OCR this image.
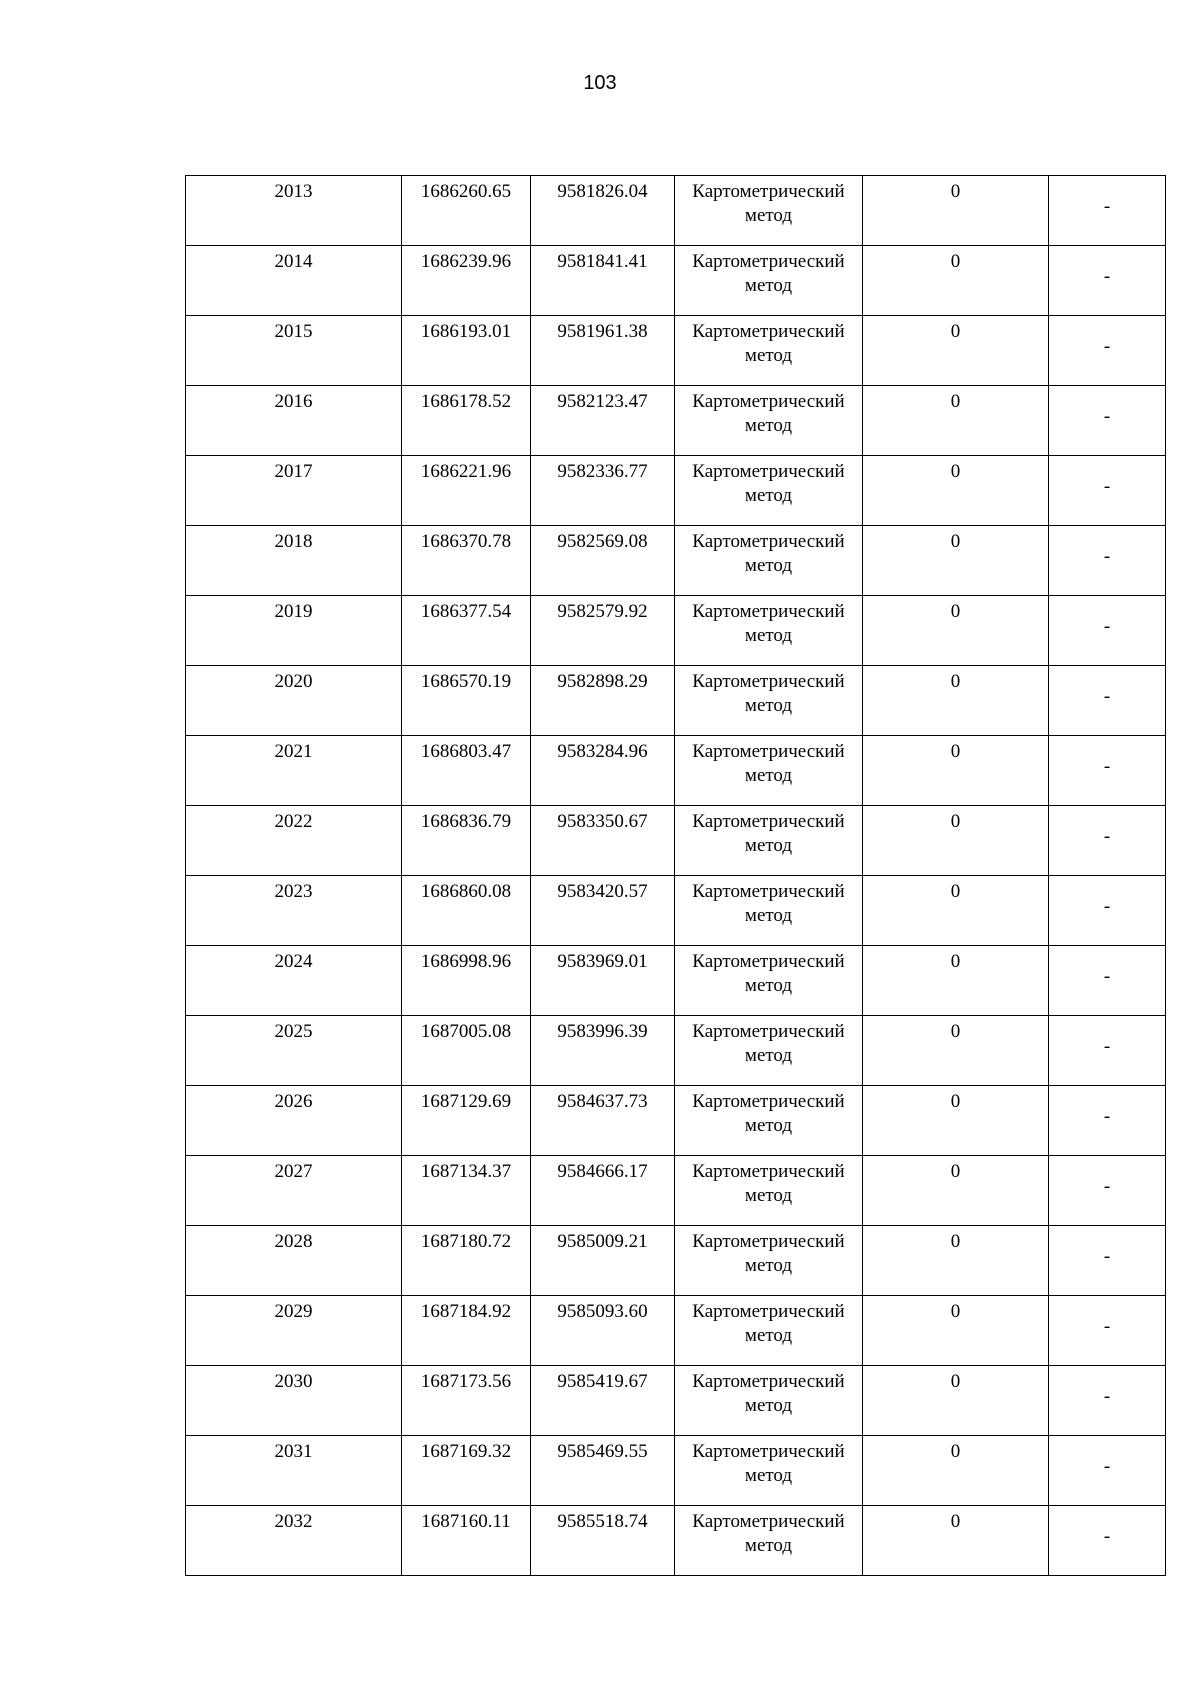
103
2013	1686260.65	9581826.04	Картометрический метод	0	-
2014	1686239.96	9581841.41	Картометрический метод	0	-
2015	1686193.01	9581961.38	Картометрический метод	0	-
2016	1686178.52	9582123.47	Картометрический метод	0	-
2017	1686221.96	9582336.77	Картометрический метод	0	-
2018	1686370.78	9582569.08	Картометрический метод	0	-
2019	1686377.54	9582579.92	Картометрический метод	0	-
2020	1686570.19	9582898.29	Картометрический метод	0	-
2021	1686803.47	9583284.96	Картометрический метод	0	-
2022	1686836.79	9583350.67	Картометрический метод	0	-
2023	1686860.08	9583420.57	Картометрический метод	0	-
2024	1686998.96	9583969.01	Картометрический метод	0	-
2025	1687005.08	9583996.39	Картометрический метод	0	-
2026	1687129.69	9584637.73	Картометрический метод	0	-
2027	1687134.37	9584666.17	Картометрический метод	0	-
2028	1687180.72	9585009.21	Картометрический метод	0	-
2029	1687184.92	9585093.60	Картометрический метод	0	-
2030	1687173.56	9585419.67	Картометрический метод	0	-
2031	1687169.32	9585469.55	Картометрический метод	0	-
2032	1687160.11	9585518.74	Картометрический метод	0	-
